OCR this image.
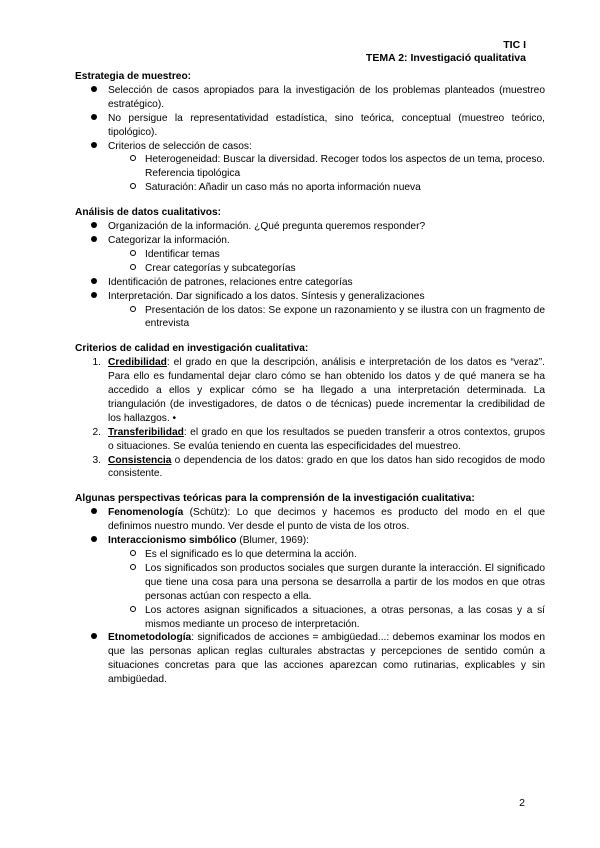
TIC I
TEMA 2: Investigació qualitativa

Estrategia de muestreo:

Selección de casos apropiados para la investigación de los problemas planteados (muestreo estratégico).
No persigue la representatividad estadística, sino teórica, conceptual (muestreo teórico, tipológico).
Criterios de selección de casos:
Heterogeneidad: Buscar la diversidad. Recoger todos los aspectos de un tema, proceso. Referencia tipológica
Saturación: Añadir un caso más no aporta información nueva

Análisis de datos cualitativos:

Organización de la información. ¿Qué pregunta queremos responder?
Categorizar la información.
Identificar temas
Crear categorías y subcategorías
Identificación de patrones, relaciones entre categorías
Interpretación. Dar significado a los datos. Síntesis y generalizaciones
Presentación de los datos: Se expone un razonamiento y se ilustra con un fragmento de entrevista

Criterios de calidad en investigación cualitativa:

1. Credibilidad: el grado en que la descripción, análisis e interpretación de los datos es “veraz”. Para ello es fundamental dejar claro cómo se han obtenido los datos y de qué manera se ha accedido a ellos y explicar cómo se ha llegado a una interpretación determinada. La triangulación (de investigadores, de datos o de técnicas) puede incrementar la credibilidad de los hallazgos. •
2. Transferibilidad: el grado en que los resultados se pueden transferir a otros contextos, grupos o situaciones. Se evalúa teniendo en cuenta las especificidades del muestreo.
3. Consistencia o dependencia de los datos: grado en que los datos han sido recogidos de modo consistente.

Algunas perspectivas teóricas para la comprensión de la investigación cualitativa:

Fenomenología (Schütz): Lo que decimos y hacemos es producto del modo en el que definimos nuestro mundo. Ver desde el punto de vista de los otros.
Interaccionismo simbólico (Blumer, 1969):
Es el significado es lo que determina la acción.
Los significados son productos sociales que surgen durante la interacción. El significado que tiene una cosa para una persona se desarrolla a partir de los modos en que otras personas actúan con respecto a ella.
Los actores asignan significados a situaciones, a otras personas, a las cosas y a sí mismos mediante un proceso de interpretación.
Etnometodología: significados de acciones = ambigüedad...: debemos examinar los modos en que las personas aplican reglas culturales abstractas y percepciones de sentido común a situaciones concretas para que las acciones aparezcan como rutinarias, explicables y sin ambigüedad.
2
